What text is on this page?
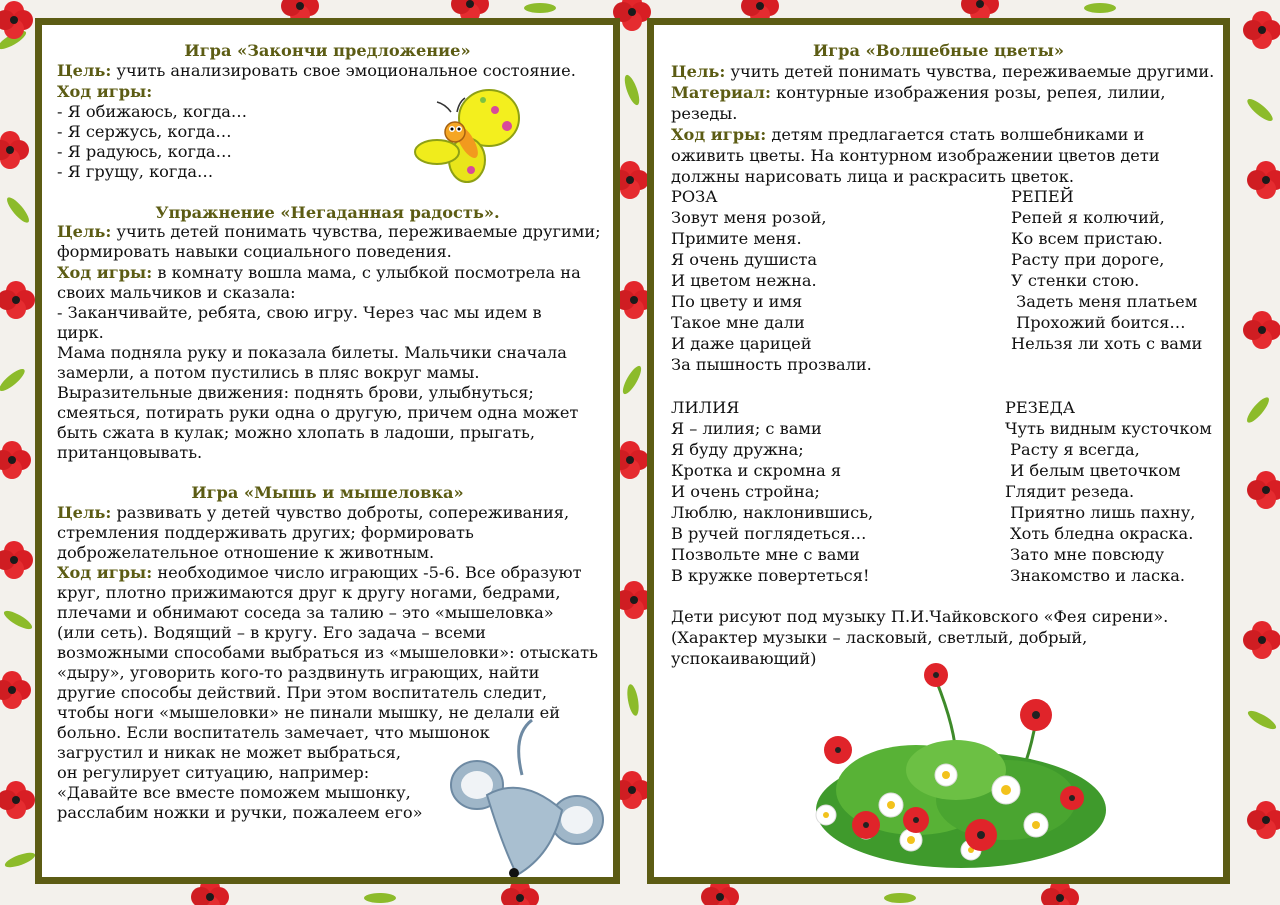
Игра «Закончи предложение»

Цель: учить анализировать свое эмоциональное состояние.

Ход игры:

- Я обижаюсь, когда…

- Я сержусь, когда…

- Я радуюсь, когда…

- Я грущу, когда…

Упражнение «Негаданная радость».

Цель: учить детей понимать чувства, переживаемые другими;

формировать навыки социального поведения.

Ход игры: в комнату вошла мама, с улыбкой посмотрела на

своих мальчиков и сказала:

- Заканчивайте, ребята, свою игру. Через час мы идем в

цирк.

Мама подняла руку и показала билеты. Мальчики сначала

замерли, а потом пустились в пляс вокруг мамы.

Выразительные движения: поднять брови, улыбнуться;

смеяться, потирать руки одна о другую, причем одна может

быть сжата в кулак; можно хлопать в ладоши, прыгать,

пританцовывать.

Игра «Мышь и мышеловка»

Цель: развивать у детей чувство доброты, сопереживания,

стремления поддерживать других; формировать

доброжелательное отношение к животным.

Ход игры: необходимое число играющих -5-6. Все образуют

круг, плотно прижимаются друг к другу ногами, бедрами,

плечами и обнимают соседа за талию – это «мышеловка»

(или сеть). Водящий – в кругу. Его задача – всеми

возможными способами выбраться из «мышеловки»: отыскать

«дыру», уговорить кого-то раздвинуть играющих, найти

другие способы действий. При этом воспитатель следит,

чтобы ноги «мышеловки» не пинали мышку, не делали ей

больно. Если воспитатель замечает, что мышонок

загрустил и никак не может выбраться,

он регулирует ситуацию, например:

«Давайте все вместе поможем мышонку,

расслабим ножки и ручки, пожалеем его»

Игра «Волшебные цветы»

Цель: учить детей понимать чувства, переживаемые другими.

Материал: контурные изображения розы, репея, лилии,

резеды.

Ход игры: детям предлагается стать волшебниками и

оживить цветы. На контурном изображении цветов дети

должны нарисовать лица и раскрасить цветок.

РОЗА

Зовут меня розой,

Примите меня.

Я очень душиста

И цветом нежна.

По цвету и имя

Такое мне дали

И даже царицей

За пышность прозвали.

РЕПЕЙ

Репей я колючий,

Ко всем пристаю.

Расту при дороге,

У стенки стою.

Задеть меня платьем

Прохожий боится…

Нельзя ли хоть с вами

ЛИЛИЯ

Я – лилия; с вами

Я буду дружна;

Кротка и скромна я

И очень стройна;

Люблю, наклонившись,

В ручей поглядеться…

Позвольте мне с вами

В кружке повертеться!

РЕЗЕДА

Чуть видным кусточком

Расту я всегда,

И белым цветочком

Глядит резеда.

Приятно лишь пахну,

Хоть бледна окраска.

Зато мне повсюду

Знакомство и ласка.

Дети рисуют под музыку П.И.Чайковского «Фея сирени».

(Характер музыки – ласковый, светлый, добрый,

успокаивающий)
